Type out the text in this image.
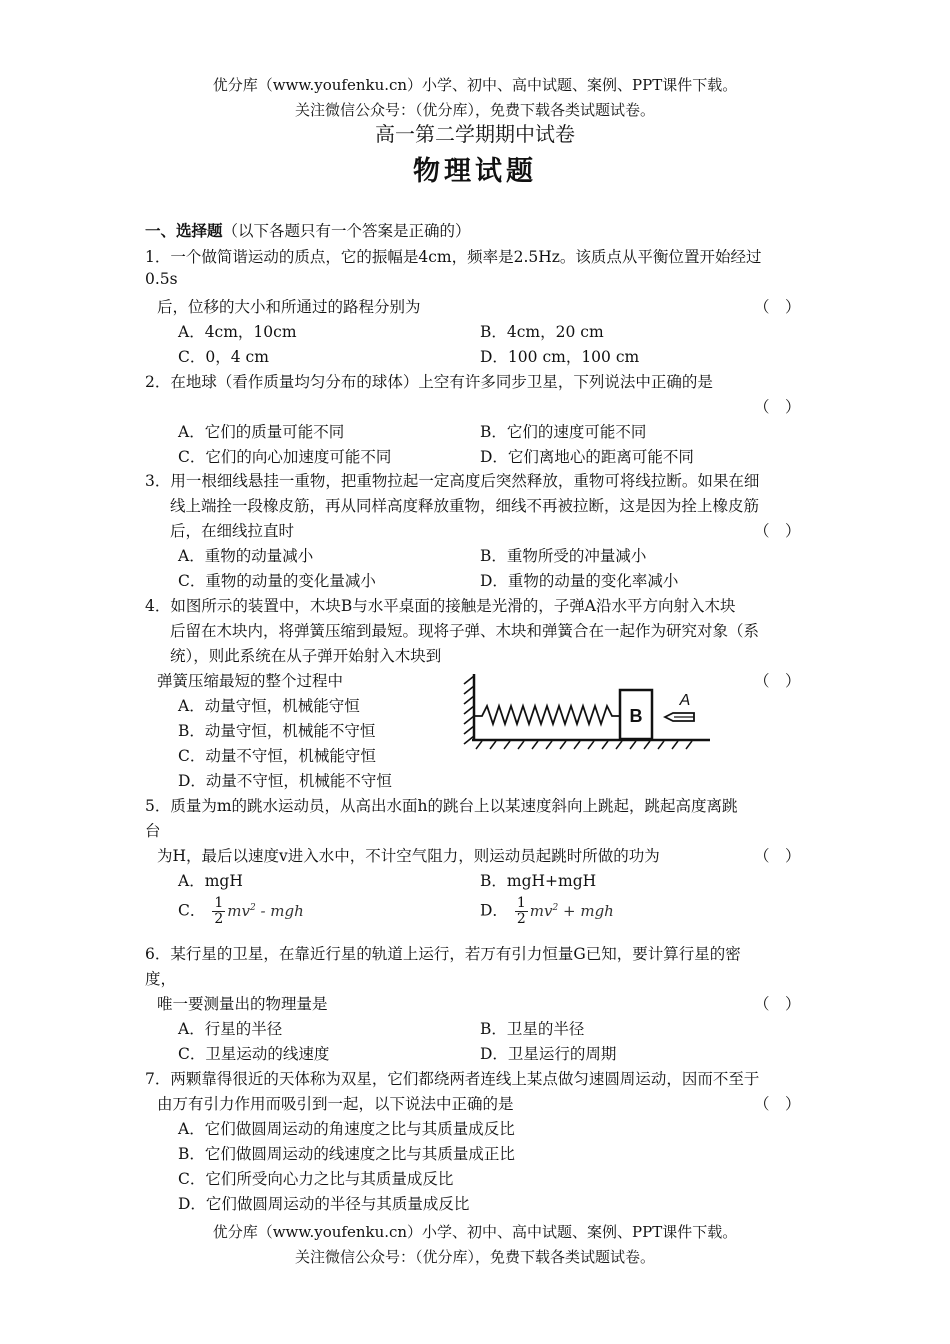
优分库（www.youfenku.cn）小学、初中、高中试题、案例、PPT课件下载。
关注微信公众号：（优分库），免费下载各类试题试卷。
高一第二学期期中试卷
物理试题
一、选择题（以下各题只有一个答案是正确的）
1．一个做简谐运动的质点，它的振幅是4cm，频率是2.5Hz。该质点从平衡位置开始经过
0.5s
后，位移的大小和所通过的路程分别为	（　）
A．4cm，10cm	B．4cm，20 cm
C．0，4 cm	D．100 cm，100 cm
2．在地球（看作质量均匀分布的球体）上空有许多同步卫星，下列说法中正确的是
（　）
A．它们的质量可能不同	B．它们的速度可能不同
C．它们的向心加速度可能不同	D．它们离地心的距离可能不同
3．用一根细线悬挂一重物，把重物拉起一定高度后突然释放，重物可将线拉断。如果在细
线上端拴一段橡皮筋，再从同样高度释放重物，细线不再被拉断，这是因为拴上橡皮筋
后，在细线拉直时	（　）
A．重物的动量减小	B．重物所受的冲量减小
C．重物的动量的变化量减小	D．重物的动量的变化率减小
4．如图所示的装置中，木块B与水平桌面的接触是光滑的，子弹A沿水平方向射入木块
后留在木块内，将弹簧压缩到最短。现将子弹、木块和弹簧合在一起作为研究对象（系
统），则此系统在从子弹开始射入木块到
弹簧压缩最短的整个过程中	（　）
A．动量守恒，机械能守恒
B．动量守恒，机械能不守恒
C．动量不守恒，机械能守恒
D．动量不守恒，机械能不守恒
B
A
5．质量为m的跳水运动员，从高出水面h的跳台上以某速度斜向上跳起，跳起高度离跳
台
为H，最后以速度v进入水中，不计空气阻力，则运动员起跳时所做的功为	（　）
A．mgH	B．mgH+mgH
C． $\frac{1}{2} mv^2$ - mgh	D． $\frac{1}{2} mv^2$ + mgh
6．某行星的卫星，在靠近行星的轨道上运行，若万有引力恒量G已知，要计算行星的密
度，
唯一要测量出的物理量是	（　）
A．行星的半径	B．卫星的半径
C．卫星运动的线速度	D．卫星运行的周期
7．两颗靠得很近的天体称为双星，它们都绕两者连线上某点做匀速圆周运动，因而不至于
由万有引力作用而吸引到一起，以下说法中正确的是	（　）
A．它们做圆周运动的角速度之比与其质量成反比
B．它们做圆周运动的线速度之比与其质量成正比
C．它们所受向心力之比与其质量成反比
D．它们做圆周运动的半径与其质量成反比
优分库（www.youfenku.cn）小学、初中、高中试题、案例、PPT课件下载。
关注微信公众号：（优分库），免费下载各类试题试卷。
